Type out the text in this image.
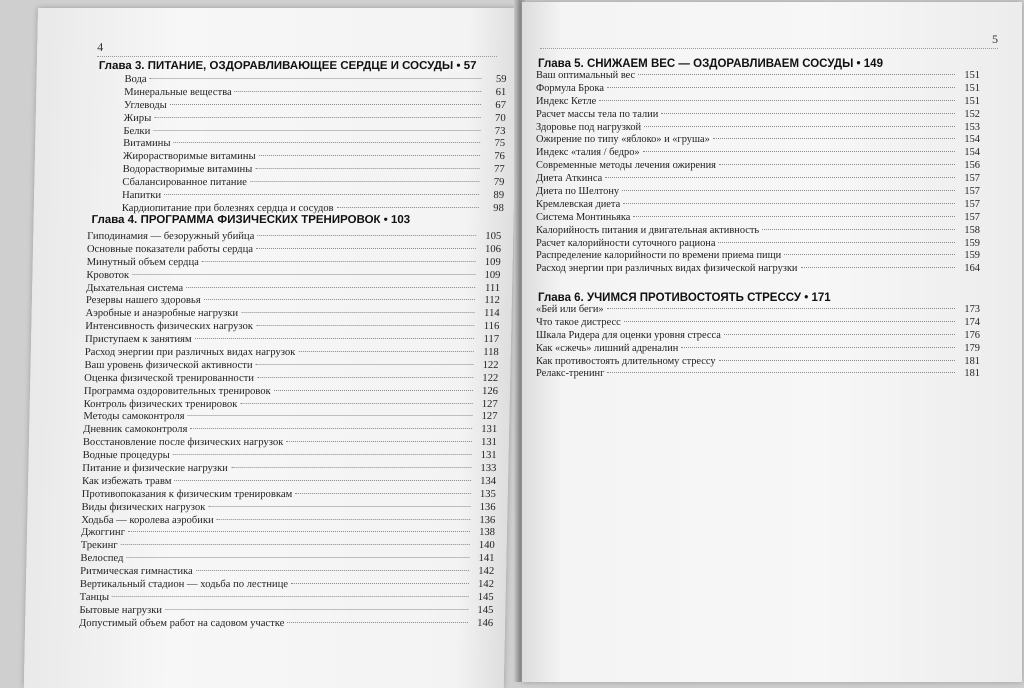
4
Глава 3. ПИТАНИЕ, ОЗДОРАВЛИВАЮЩЕЕ СЕРДЦЕ И СОСУДЫ • 57
Вода	59
Минеральные вещества	61
Углеводы	67
Жиры	70
Белки	73
Витамины	75
Жирорастворимые витамины	76
Водорастворимые витамины	77
Сбалансированное питание	79
Напитки	89
Кардиопитание при болезнях сердца и сосудов	98
Глава 4. ПРОГРАММА ФИЗИЧЕСКИХ ТРЕНИРОВОК • 103
Гиподинамия — безоружный убийца	105
Основные показатели работы сердца	106
Минутный объем сердца	109
Кровоток	109
Дыхательная система	111
Резервы нашего здоровья	112
Аэробные и анаэробные нагрузки	114
Интенсивность физических нагрузок	116
Приступаем к занятиям	117
Расход энергии при различных видах нагрузок	118
Ваш уровень физической активности	122
Оценка физической тренированности	122
Программа оздоровительных тренировок	126
Контроль физических тренировок	127
Методы самоконтроля	127
Дневник самоконтроля	131
Восстановление после физических нагрузок	131
Водные процедуры	131
Питание и физические нагрузки	133
Как избежать травм	134
Противопоказания к физическим тренировкам	135
Виды физических нагрузок	136
Ходьба — королева аэробики	136
Джоггинг	138
Трекинг	140
Велоспед	141
Ритмическая гимнастика	142
Вертикальный стадион — ходьба по лестнице	142
Танцы	145
Бытовые нагрузки	145
Допустимый объем работ на садовом участке	146
5
Глава 5. СНИЖАЕМ ВЕС — ОЗДОРАВЛИВАЕМ СОСУДЫ • 149
Ваш оптимальный вес	151
Формула Брока	151
Индекс Кетле	151
Расчет массы тела по талии	152
Здоровье под нагрузкой	153
Ожирение по типу «яблоко» и «груша»	154
Индекс «талия / бедро»	154
Современные методы лечения ожирения	156
Диета Аткинса	157
Диета по Шелтону	157
Кремлевская диета	157
Система Монтиньяка	157
Калорийность питания и двигательная активность	158
Расчет калорийности суточного рациона	159
Распределение калорийности по времени приема пищи	159
Расход энергии при различных видах физической нагрузки	164
Глава 6. УЧИМСЯ ПРОТИВОСТОЯТЬ СТРЕССУ • 171
«Бей или беги»	173
Что такое дистресс	174
Шкала Ридера для оценки уровня стресса	176
Как «сжечь» лишний адреналин	179
Как противостоять длительному стрессу	181
Релакс-тренинг	181
